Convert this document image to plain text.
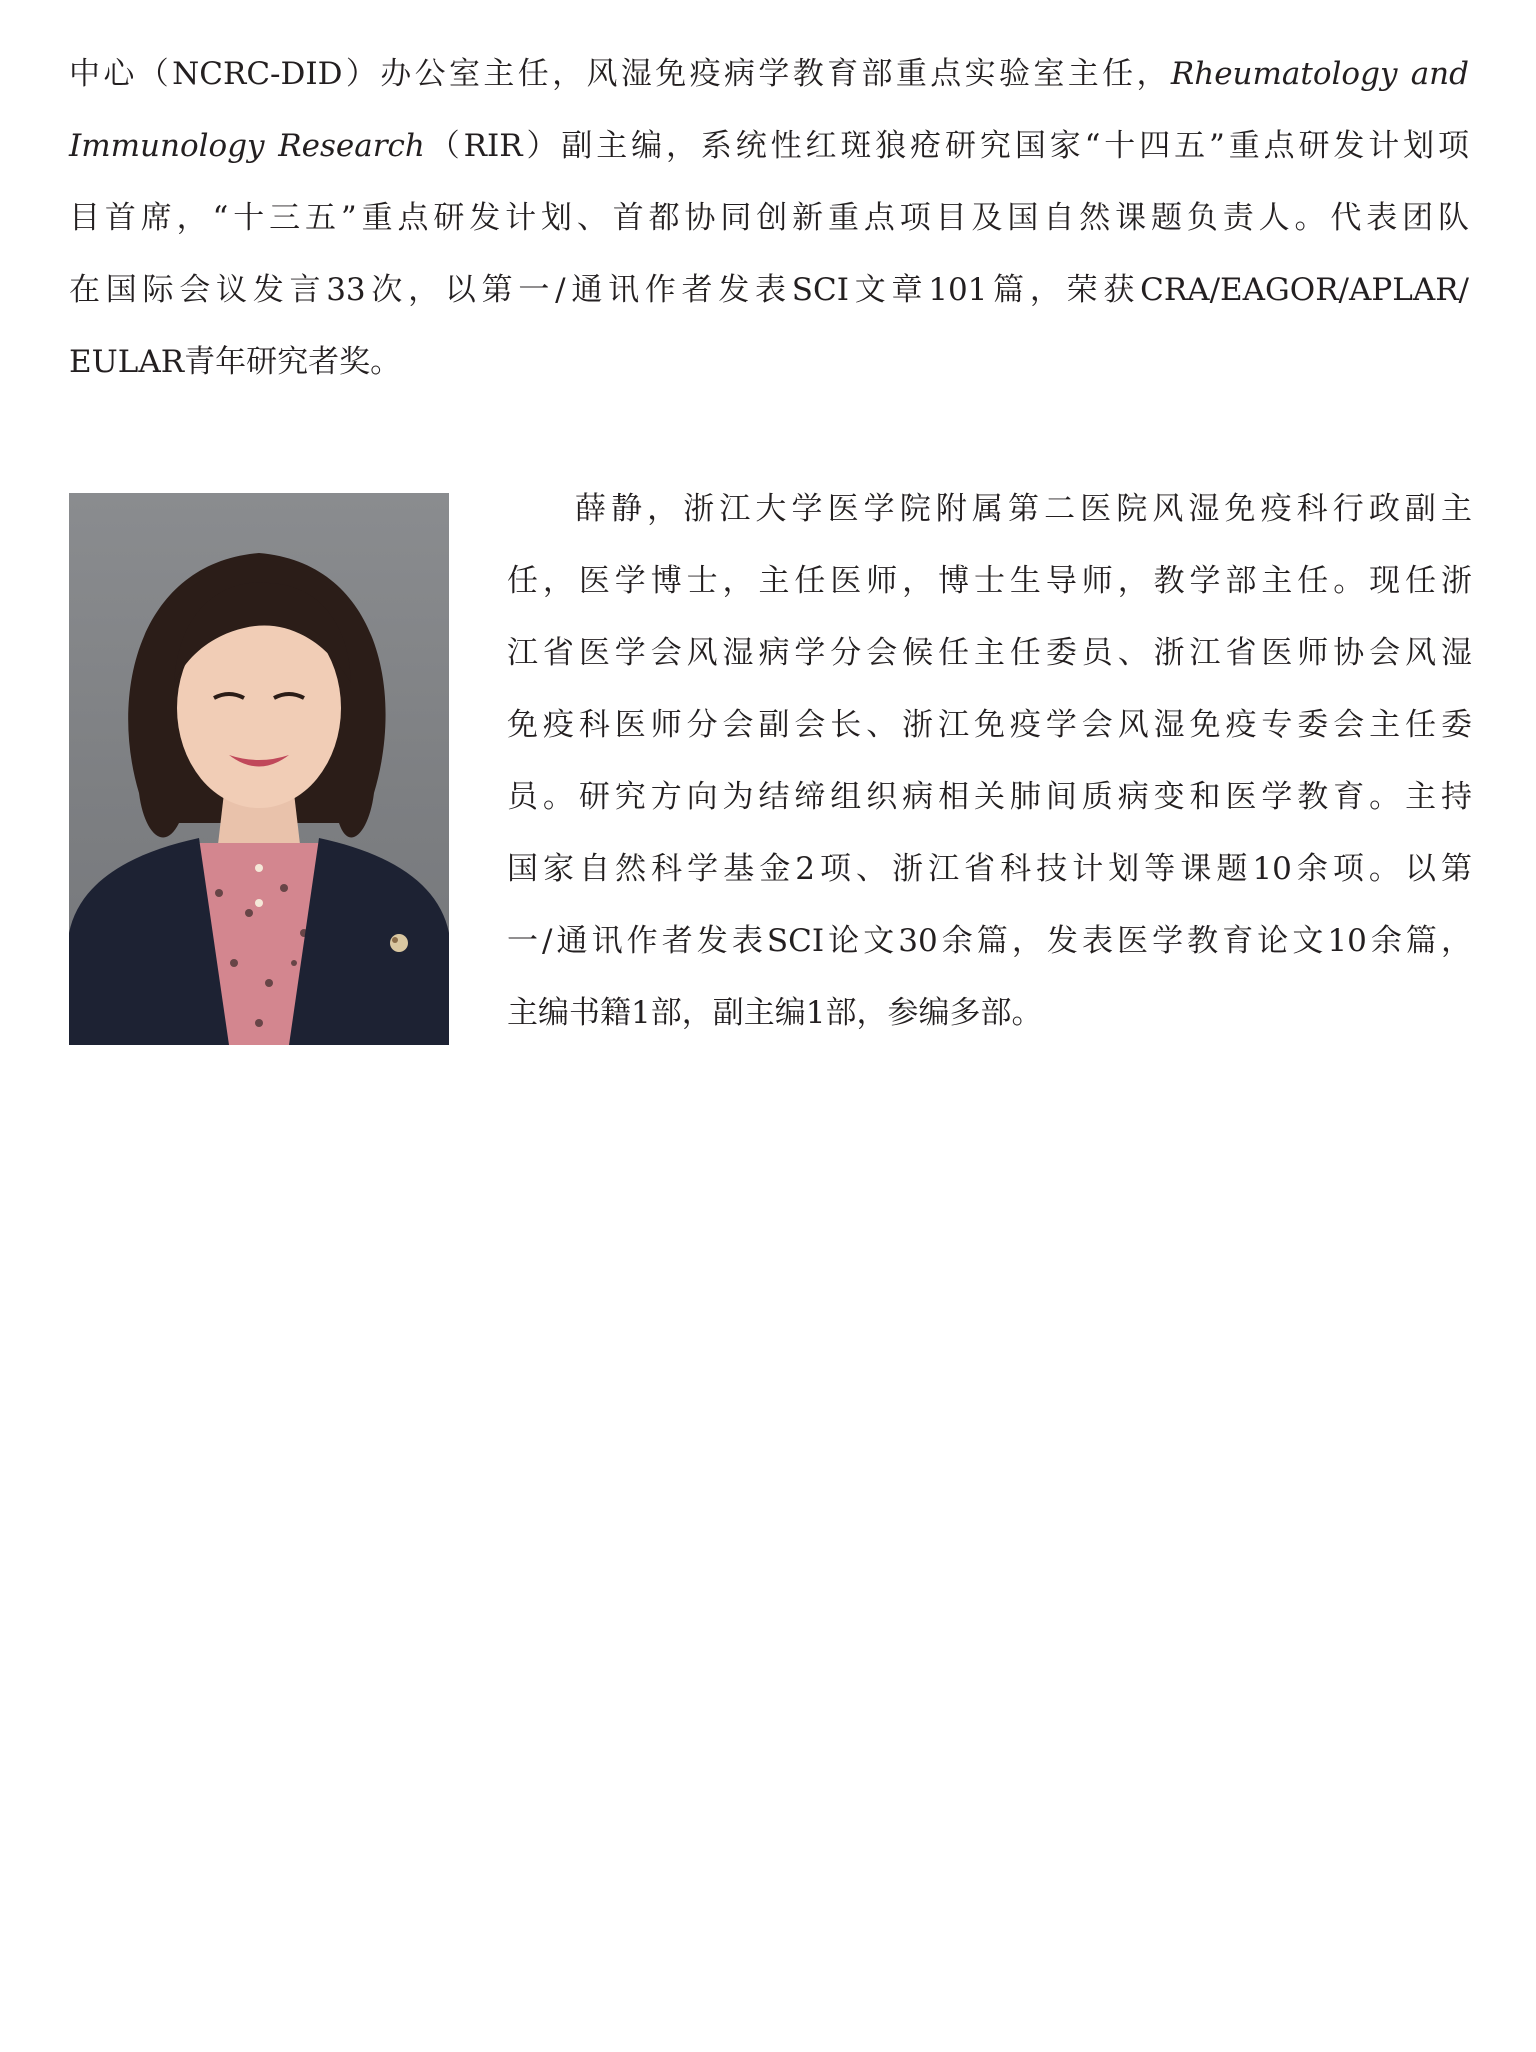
中心（NCRC-DID）办公室主任，风湿免疫病学教育部重点实验室主任，Rheumatology and
Immunology Research（RIR）副主编，系统性红斑狼疮研究国家“十四五”重点研发计划项
目首席，“十三五”重点研发计划、首都协同创新重点项目及国自然课题负责人。代表团队
在国际会议发言33次，以第一/通讯作者发表SCI文章101篇，荣获CRA/EAGOR/APLAR/
EULAR青年研究者奖。
薛静，浙江大学医学院附属第二医院风湿免疫科行政副主
任，医学博士，主任医师，博士生导师，教学部主任。现任浙
江省医学会风湿病学分会候任主任委员、浙江省医师协会风湿
免疫科医师分会副会长、浙江免疫学会风湿免疫专委会主任委
员。研究方向为结缔组织病相关肺间质病变和医学教育。主持
国家自然科学基金2项、浙江省科技计划等课题10余项。以第
一/通讯作者发表SCI论文30余篇，发表医学教育论文10余篇，
主编书籍1部，副主编1部，参编多部。
